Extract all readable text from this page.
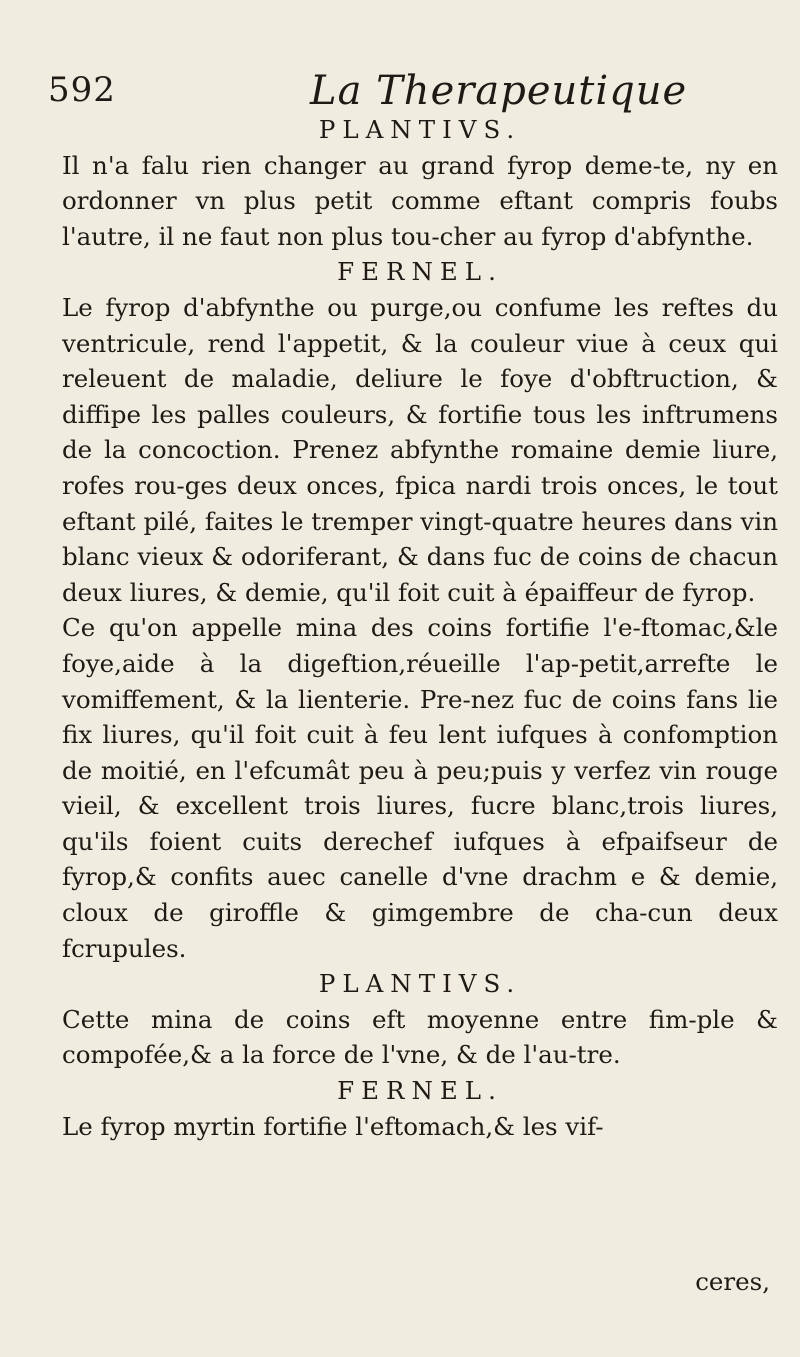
592	La Therapeutique
PLANTIVS.
Il n'a falu rien changer au grand fyrop deme-te, ny en ordonner vn plus petit comme eftant compris foubs l'autre, il ne faut non plus tou-cher au fyrop d'abfynthe.
FERNEL.
Le fyrop d'abfynthe ou purge,ou confume les reftes du ventricule, rend l'appetit, & la couleur viue à ceux qui releuent de maladie, deliure le foye d'obftruction, & diffipe les palles couleurs, & fortifie tous les inftrumens de la concoction. Prenez abfynthe romaine demie liure, rofes rou-ges deux onces, fpica nardi trois onces, le tout eftant pilé, faites le tremper vingt-quatre heures dans vin blanc vieux & odoriferant, & dans fuc de coins de chacun deux liures, & demie, qu'il foit cuit à épaiffeur de fyrop.
Ce qu'on appelle mina des coins fortifie l'e-ftomac,&le foye,aide à la digeftion,réueille l'ap-petit,arrefte le vomiffement, & la lienterie. Pre-nez fuc de coins fans lie fix liures, qu'il foit cuit à feu lent iufques à confomption de moitié, en l'efcumât peu à peu;puis y verfez vin rouge vieil, & excellent trois liures, fucre blanc,trois liures, qu'ils foient cuits derechef iufques à efpaifseur de fyrop,& confits auec canelle d'vne drachm e & demie, cloux de giroffle & gimgembre de cha-cun deux fcrupules.
PLANTIVS.
Cette mina de coins eft moyenne entre fim-ple & compofée,& a la force de l'vne, & de l'au-tre.
FERNEL.
Le fyrop myrtin fortifie l'eftomach,& les vif-
ceres,
